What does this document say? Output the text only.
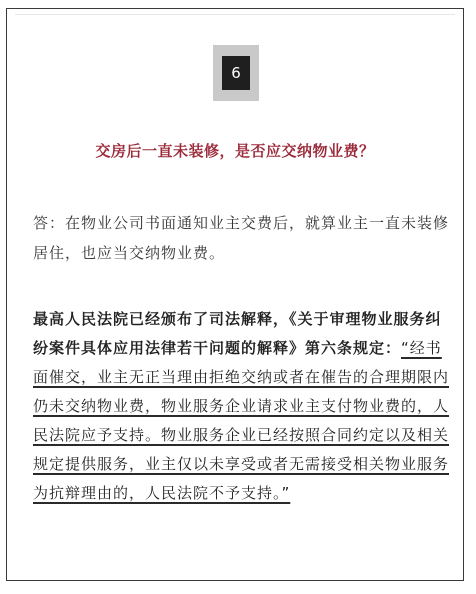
6
交房后一直未装修，是否应交纳物业费？
答：在物业公司书面通知业主交费后，就算业主一直未装修居住，也应当交纳物业费。
最高人民法院已经颁布了司法解释，《关于审理物业服务纠纷案件具体应用法律若干问题的解释》第六条规定：“经书面催交，业主无正当理由拒绝交纳或者在催告的合理期限内仍未交纳物业费，物业服务企业请求业主支付物业费的，人民法院应予支持。物业服务企业已经按照合同约定以及相关规定提供服务，业主仅以未享受或者无需接受相关物业服务为抗辩理由的，人民法院不予支持。”
